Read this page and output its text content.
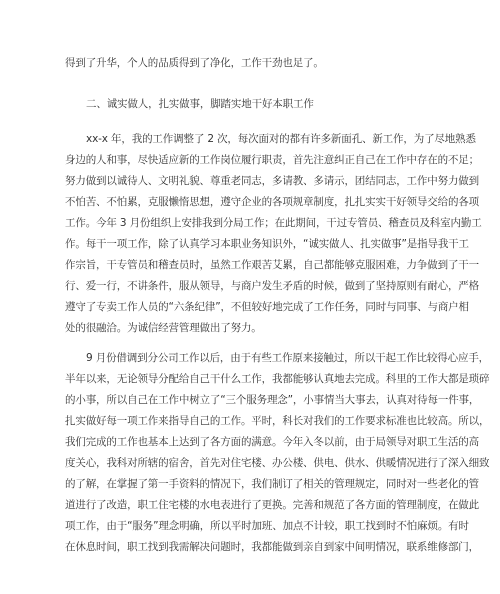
得到了升华，个人的品质得到了净化，工作干劲也足了。
二、诚实做人，扎实做事，脚踏实地干好本职工作
xx-x 年，我的工作调整了 2 次，每次面对的都有许多新面孔、新工作，为了尽地熟悉
身边的人和事，尽快适应新的工作岗位履行职责，首先注意纠正自己在工作中存在的不足；
努力做到以诚待人、文明礼貌、尊重老同志，多请教、多请示，团结同志，工作中努力做到
不怕苦、不怕累，克服懒惰思想，遵守企业的各项规章制度，扎扎实实干好领导交给的各项
工作。今年 3 月份组织上安排我到分局工作；在此期间，干过专管员、稽查员及科室内勤工
作。每干一项工作，除了认真学习本职业务知识外，“诚实做人、扎实做事”是指导我干工
作宗旨，干专管员和稽查员时，虽然工作艰苦艾累，自己都能够克服困难，力争做到了干一
行、爱一行，不讲条件，服从领导，与商户发生矛盾的时候，做到了坚持原则有耐心，严格
遵守了专卖工作人员的“六条纪律”，不但较好地完成了工作任务，同时与同事、与商户相
处的很融洽。为诚信经营管理做出了努力。
9 月份借调到分公司工作以后，由于有些工作原来接触过，所以干起工作比较得心应手，
半年以来，无论领导分配给自己干什么工作，我都能够认真地去完成。科里的工作大都是琐碎
的小事，所以自己在工作中树立了“三个服务理念”，小事情当大事去，认真对待每一件事，
扎实做好每一项工作来指导自己的工作。平时，科长对我们的工作要求标准也比较高。所以，
我们完成的工作也基本上达到了各方面的满意。今年入冬以前，由于局领导对职工生活的高
度关心，我科对所辖的宿舍，首先对住宅楼、办公楼、供电、供水、供暖情况进行了深入细致
的了解，在掌握了第一手资料的情况下，我们制订了相关的管理规定，同时对一些老化的管
道进行了改造，职工住宅楼的水电表进行了更换。完善和规范了各方面的管理制度，在做此
项工作，由于“服务”理念明确，所以平时加班、加点不计较，职工找到时不怕麻烦。有时
在休息时间，职工找到我需解决问题时，我都能做到亲自到家中间明情况，联系维修部门，
